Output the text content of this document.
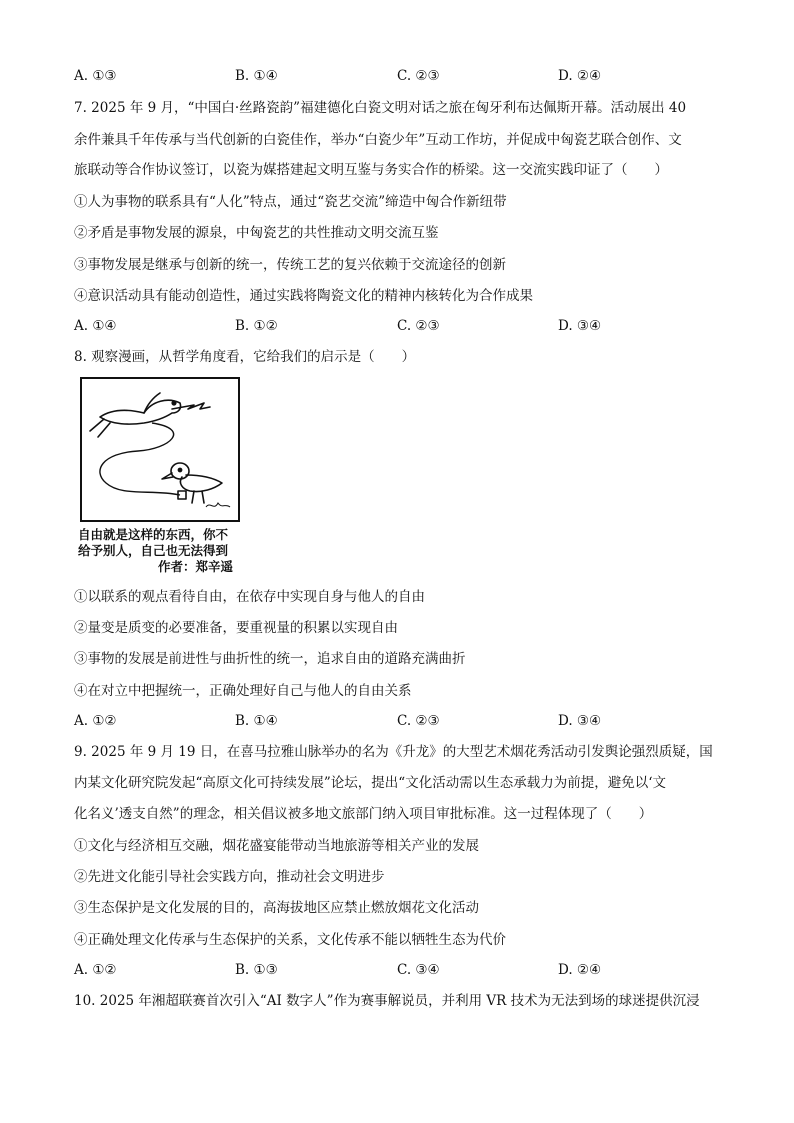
A. ①③	B. ①④	C. ②③	D. ②④
7. 2025 年 9 月，“中国白·丝路瓷韵”福建德化白瓷文明对话之旅在匈牙利布达佩斯开幕。活动展出 40
余件兼具千年传承与当代创新的白瓷佳作，举办“白瓷少年”互动工作坊，并促成中匈瓷艺联合创作、文
旅联动等合作协议签订，以瓷为媒搭建起文明互鉴与务实合作的桥梁。这一交流实践印证了（　　）
①人为事物的联系具有“人化”特点，通过“瓷艺交流”缔造中匈合作新纽带
②矛盾是事物发展的源泉，中匈瓷艺的共性推动文明交流互鉴
③事物发展是继承与创新的统一，传统工艺的复兴依赖于交流途径的创新
④意识活动具有能动创造性，通过实践将陶瓷文化的精神内核转化为合作成果
A. ①④	B. ①②	C. ②③	D. ③④
8. 观察漫画，从哲学角度看，它给我们的启示是（　　）
自由就是这样的东西，你不
给予别人，自己也无法得到
作者：郑辛遥
①以联系的观点看待自由，在依存中实现自身与他人的自由
②量变是质变的必要准备，要重视量的积累以实现自由
③事物的发展是前进性与曲折性的统一，追求自由的道路充满曲折
④在对立中把握统一，正确处理好自己与他人的自由关系
A. ①②	B. ①④	C. ②③	D. ③④
9. 2025 年 9 月 19 日，在喜马拉雅山脉举办的名为《升龙》的大型艺术烟花秀活动引发舆论强烈质疑，国
内某文化研究院发起“高原文化可持续发展”论坛，提出“文化活动需以生态承载力为前提，避免以‘文
化名义’透支自然”的理念，相关倡议被多地文旅部门纳入项目审批标准。这一过程体现了（　　）
①文化与经济相互交融，烟花盛宴能带动当地旅游等相关产业的发展
②先进文化能引导社会实践方向，推动社会文明进步
③生态保护是文化发展的目的，高海拔地区应禁止燃放烟花文化活动
④正确处理文化传承与生态保护的关系，文化传承不能以牺牲生态为代价
A. ①②	B. ①③	C. ③④	D. ②④
10. 2025 年湘超联赛首次引入“AI 数字人”作为赛事解说员，并利用 VR 技术为无法到场的球迷提供沉浸
